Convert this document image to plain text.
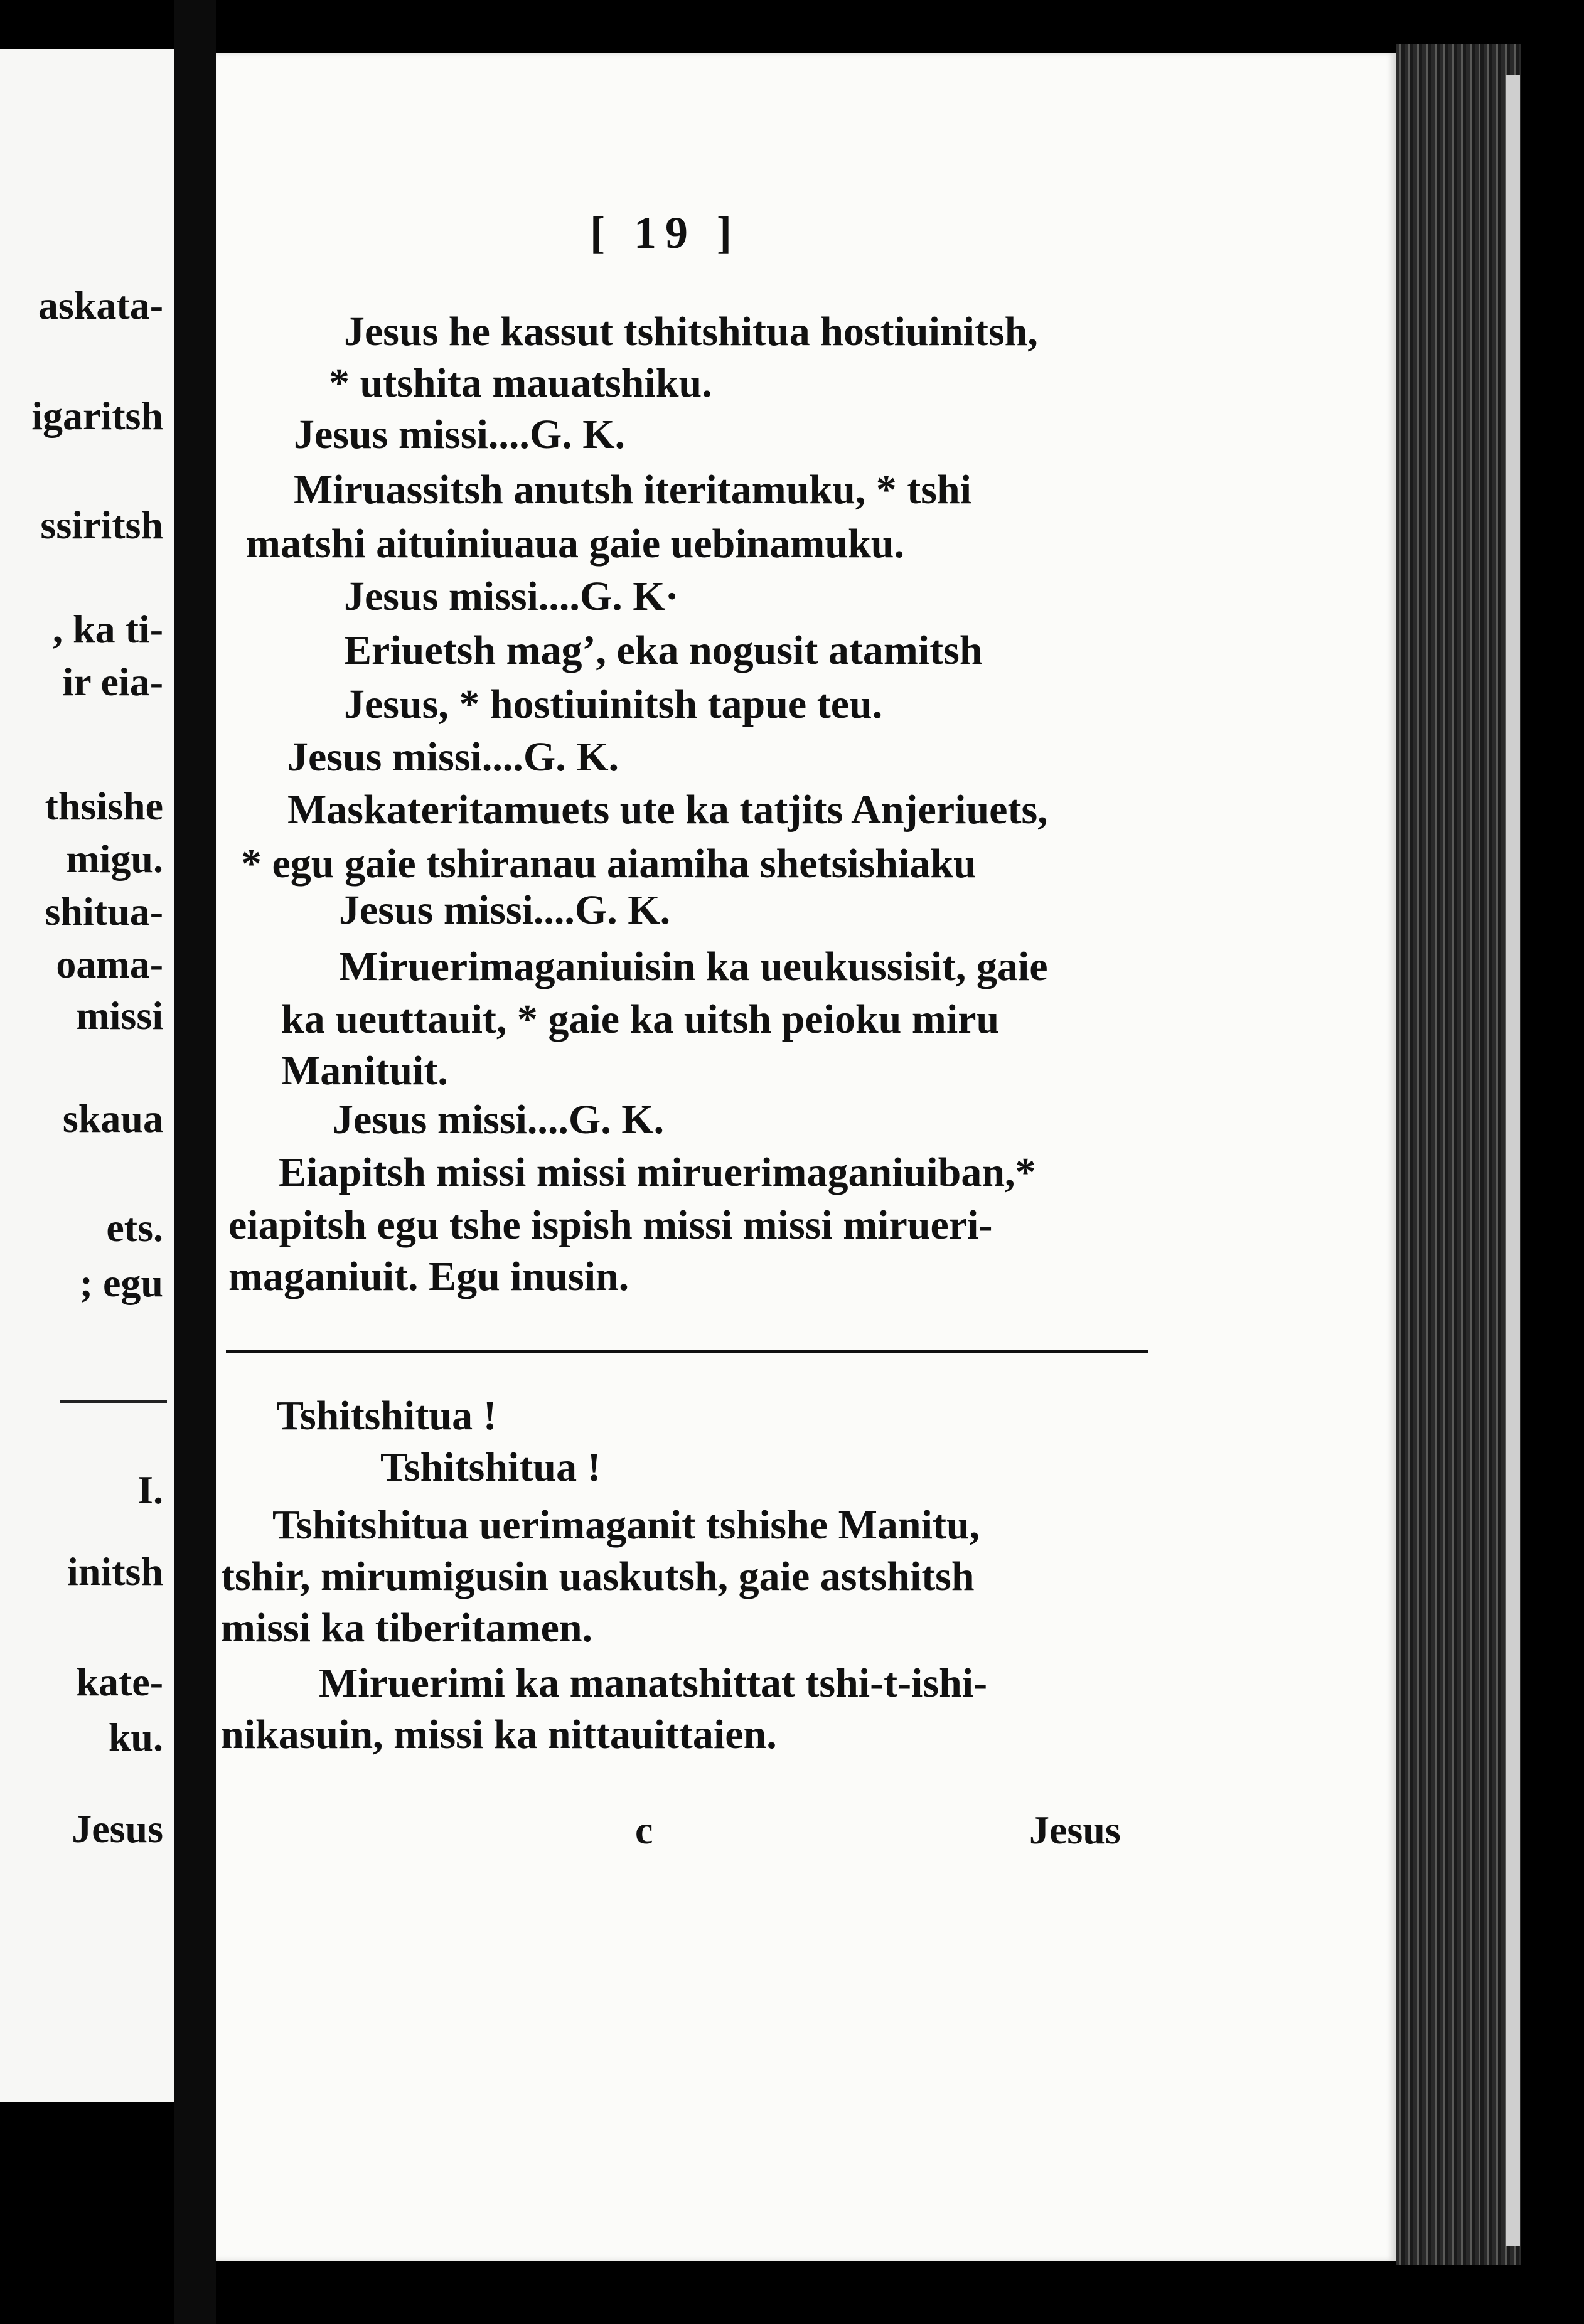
askata-
igaritsh
ssiritsh
, ka ti-
ir eia-
thsishe
migu.
shitua-
oama-
missi
skaua
ets.
; egu
I.
initsh
kate-
ku.
Jesus
[ 19 ]
Jesus he kassut tshitshitua hostiuinitsh,
* utshita mauatshiku.
Jesus missi....G. K.
Miruassitsh anutsh iteritamuku, * tshi
matshi aituiniuaua gaie uebinamuku.
Jesus missi....G. K·
Eriuetsh mag’, eka nogusit atamitsh
Jesus, * hostiuinitsh tapue teu.
Jesus missi....G. K.
Maskateritamuets ute ka tatjits Anjeriuets,
* egu gaie tshiranau aiamiha shetsishiaku
Jesus missi....G. K.
Miruerimaganiuisin ka ueukussisit, gaie
ka ueuttauit, * gaie ka uitsh peioku miru
Manituit.
Jesus missi....G. K.
Eiapitsh missi missi miruerimaganiuiban,*
eiapitsh egu tshe ispish missi missi mirueri-
maganiuit. Egu inusin.
Tshitshitua !
Tshitshitua !
Tshitshitua uerimaganit tshishe Manitu,
tshir, mirumigusin uaskutsh, gaie astshitsh
missi ka tiberitamen.
Miruerimi ka manatshittat tshi-t-ishi-
nikasuin, missi ka nittauittaien.
c	Jesus
